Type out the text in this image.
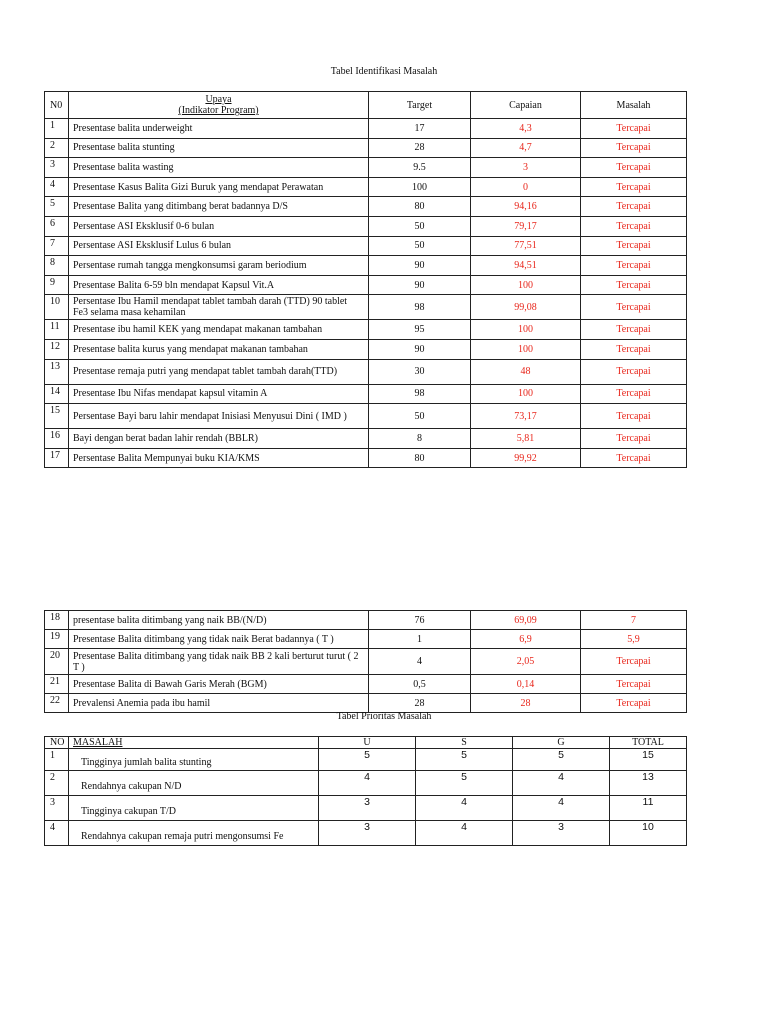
Tabel Identifikasi Masalah
N0	Upaya
(Indikator Program)	Target	Capaian	Masalah
1	Presentase balita underweight	17	4,3	Tercapai
2	Presentase balita stunting	28	4,7	Tercapai
3	Presentase balita wasting	9.5	3	Tercapai
4	Presentase Kasus Balita Gizi Buruk yang mendapat Perawatan	100	0	Tercapai
5	Presentase Balita yang ditimbang berat badannya D/S	80	94,16	Tercapai
6	Persentase ASI Eksklusif 0-6 bulan	50	79,17	Tercapai
7	Persentase ASI Eksklusif Lulus 6 bulan	50	77,51	Tercapai
8	Persentase rumah tangga mengkonsumsi garam beriodium	90	94,51	Tercapai
9	Presentase Balita 6-59 bln mendapat Kapsul Vit.A	90	100	Tercapai
10	Persentase Ibu Hamil mendapat tablet tambah darah (TTD) 90 tablet Fe3 selama masa kehamilan	98	99,08	Tercapai
11	Presentase ibu hamil KEK yang mendapat makanan tambahan	95	100	Tercapai
12	Presentase balita kurus yang mendapat makanan tambahan	90	100	Tercapai
13	Presentase remaja putri yang mendapat tablet tambah darah(TTD)	30	48	Tercapai
14	Presentase Ibu Nifas mendapat kapsul vitamin A	98	100	Tercapai
15	Persentase Bayi baru lahir mendapat Inisiasi Menyusui Dini ( IMD )	50	73,17	Tercapai
16	Bayi dengan berat badan lahir rendah (BBLR)	8	5,81	Tercapai
17	Persentase Balita Mempunyai buku KIA/KMS	80	99,92	Tercapai
18	presentase balita ditimbang yang naik BB/(N/D)	76	69,09	7
19	Presentase Balita ditimbang yang tidak naik Berat badannya ( T )	1	6,9	5,9
20	Presentase Balita ditimbang yang tidak naik BB 2 kali berturut turut ( 2 T )	4	2,05	Tercapai
21	Presentase Balita di Bawah Garis Merah (BGM)	0,5	0,14	Tercapai
22	Prevalensi Anemia pada ibu hamil	28	28	Tercapai
Tabel Prioritas Masalah
NO	MASALAH	U	S	G	TOTAL
1	Tingginya jumlah balita stunting	5	5	5	15
2	Rendahnya cakupan N/D	4	5	4	13
3	Tingginya cakupan T/D	3	4	4	11
4	Rendahnya cakupan remaja putri mengonsumsi Fe	3	4	3	10
